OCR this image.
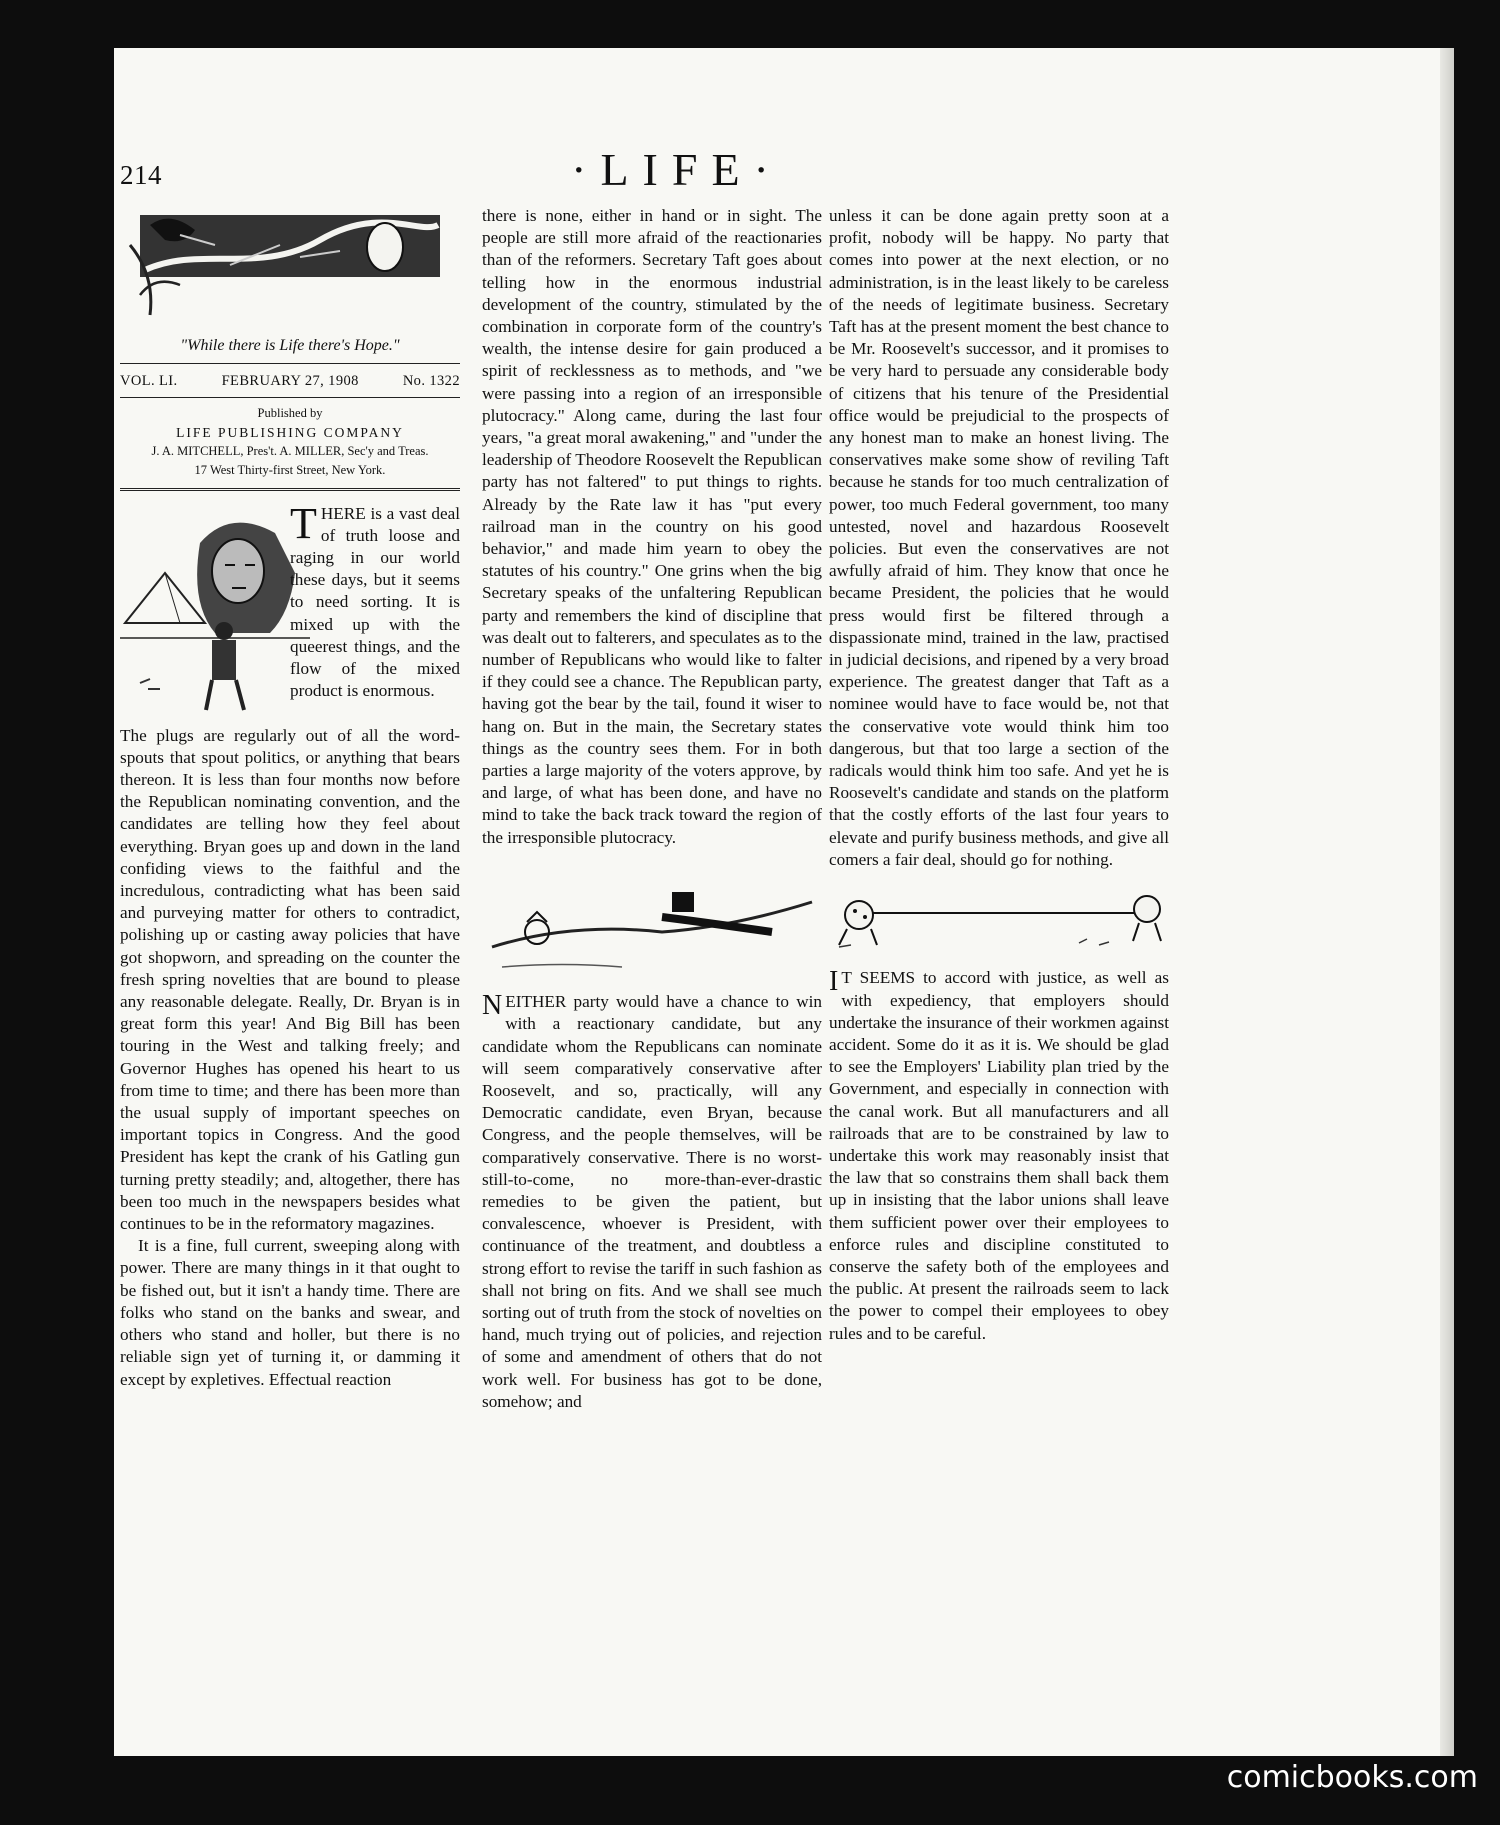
214	·LIFE·
"While there is Life there's Hope."
VOL. LI.	FEBRUARY 27, 1908	No. 1322
Published by
LIFE PUBLISHING COMPANY
J. A. MITCHELL, Pres't. A. MILLER, Sec'y and Treas.
17 West Thirty-first Street, New York.
THERE is a vast deal of truth loose and raging in our world these days, but it seems to need sorting. It is mixed up with the queerest things, and the flow of the mixed product is enormous.

The plugs are regularly out of all the word-spouts that spout politics, or anything that bears thereon. It is less than four months now before the Republican nominating convention, and the candidates are telling how they feel about everything. Bryan goes up and down in the land confiding views to the faithful and the incredulous, contradicting what has been said and purveying matter for others to contradict, polishing up or casting away policies that have got shopworn, and spreading on the counter the fresh spring novelties that are bound to please any reasonable delegate. Really, Dr. Bryan is in great form this year! And Big Bill has been touring in the West and talking freely; and Governor Hughes has opened his heart to us from time to time; and there has been more than the usual supply of important speeches on important topics in Congress. And the good President has kept the crank of his Gatling gun turning pretty steadily; and, altogether, there has been too much in the newspapers besides what continues to be in the reformatory magazines.

It is a fine, full current, sweeping along with power. There are many things in it that ought to be fished out, but it isn't a handy time. There are folks who stand on the banks and swear, and others who stand and holler, but there is no reliable sign yet of turning it, or damming it except by expletives. Effectual reaction

there is none, either in hand or in sight. The people are still more afraid of the reactionaries than of the reformers. Secretary Taft goes about telling how in the enormous industrial development of the country, stimulated by the combination in corporate form of the country's wealth, the intense desire for gain produced a spirit of recklessness as to methods, and "we were passing into a region of an irresponsible plutocracy." Along came, during the last four years, "a great moral awakening," and "under the leadership of Theodore Roosevelt the Republican party has not faltered" to put things to rights. Already by the Rate law it has "put every railroad man in the country on his good behavior," and made him yearn to obey the statutes of his country." One grins when the big Secretary speaks of the unfaltering Republican party and remembers the kind of discipline that was dealt out to falterers, and speculates as to the number of Republicans who would like to falter if they could see a chance. The Republican party, having got the bear by the tail, found it wiser to hang on. But in the main, the Secretary states things as the country sees them. For in both parties a large majority of the voters approve, by and large, of what has been done, and have no mind to take the back track toward the region of the irresponsible plutocracy.

NEITHER party would have a chance to win with a reactionary candidate, but any candidate whom the Republicans can nominate will seem comparatively conservative after Roosevelt, and so, practically, will any Democratic candidate, even Bryan, because Congress, and the people themselves, will be comparatively conservative. There is no worst-still-to-come, no more-than-ever-drastic remedies to be given the patient, but convalescence, whoever is President, with continuance of the treatment, and doubtless a strong effort to revise the tariff in such fashion as shall not bring on fits. And we shall see much sorting out of truth from the stock of novelties on hand, much trying out of policies, and rejection of some and amendment of others that do not work well. For business has got to be done, somehow; and

unless it can be done again pretty soon at a profit, nobody will be happy. No party that comes into power at the next election, or no administration, is in the least likely to be careless of the needs of legitimate business. Secretary Taft has at the present moment the best chance to be Mr. Roosevelt's successor, and it promises to be very hard to persuade any considerable body of citizens that his tenure of the Presidential office would be prejudicial to the prospects of any honest man to make an honest living. The conservatives make some show of reviling Taft because he stands for too much centralization of power, too much Federal government, too many untested, novel and hazardous Roosevelt policies. But even the conservatives are not awfully afraid of him. They know that once he became President, the policies that he would press would first be filtered through a dispassionate mind, trained in the law, practised in judicial decisions, and ripened by a very broad experience. The greatest danger that Taft as a nominee would have to face would be, not that the conservative vote would think him too dangerous, but that too large a section of the radicals would think him too safe. And yet he is Roosevelt's candidate and stands on the platform that the costly efforts of the last four years to elevate and purify business methods, and give all comers a fair deal, should go for nothing.

I T SEEMS to accord with justice, as well as with expediency, that employers should undertake the insurance of their workmen against accident. Some do it as it is. We should be glad to see the Employers' Liability plan tried by the Government, and especially in connection with the canal work. But all manufacturers and all railroads that are to be constrained by law to undertake this work may reasonably insist that the law that so constrains them shall back them up in insisting that the labor unions shall leave them sufficient power over their employees to enforce rules and discipline constituted to conserve the safety both of the employees and the public. At present the railroads seem to lack the power to compel their employees to obey rules and to be careful.

comicbooks.com
